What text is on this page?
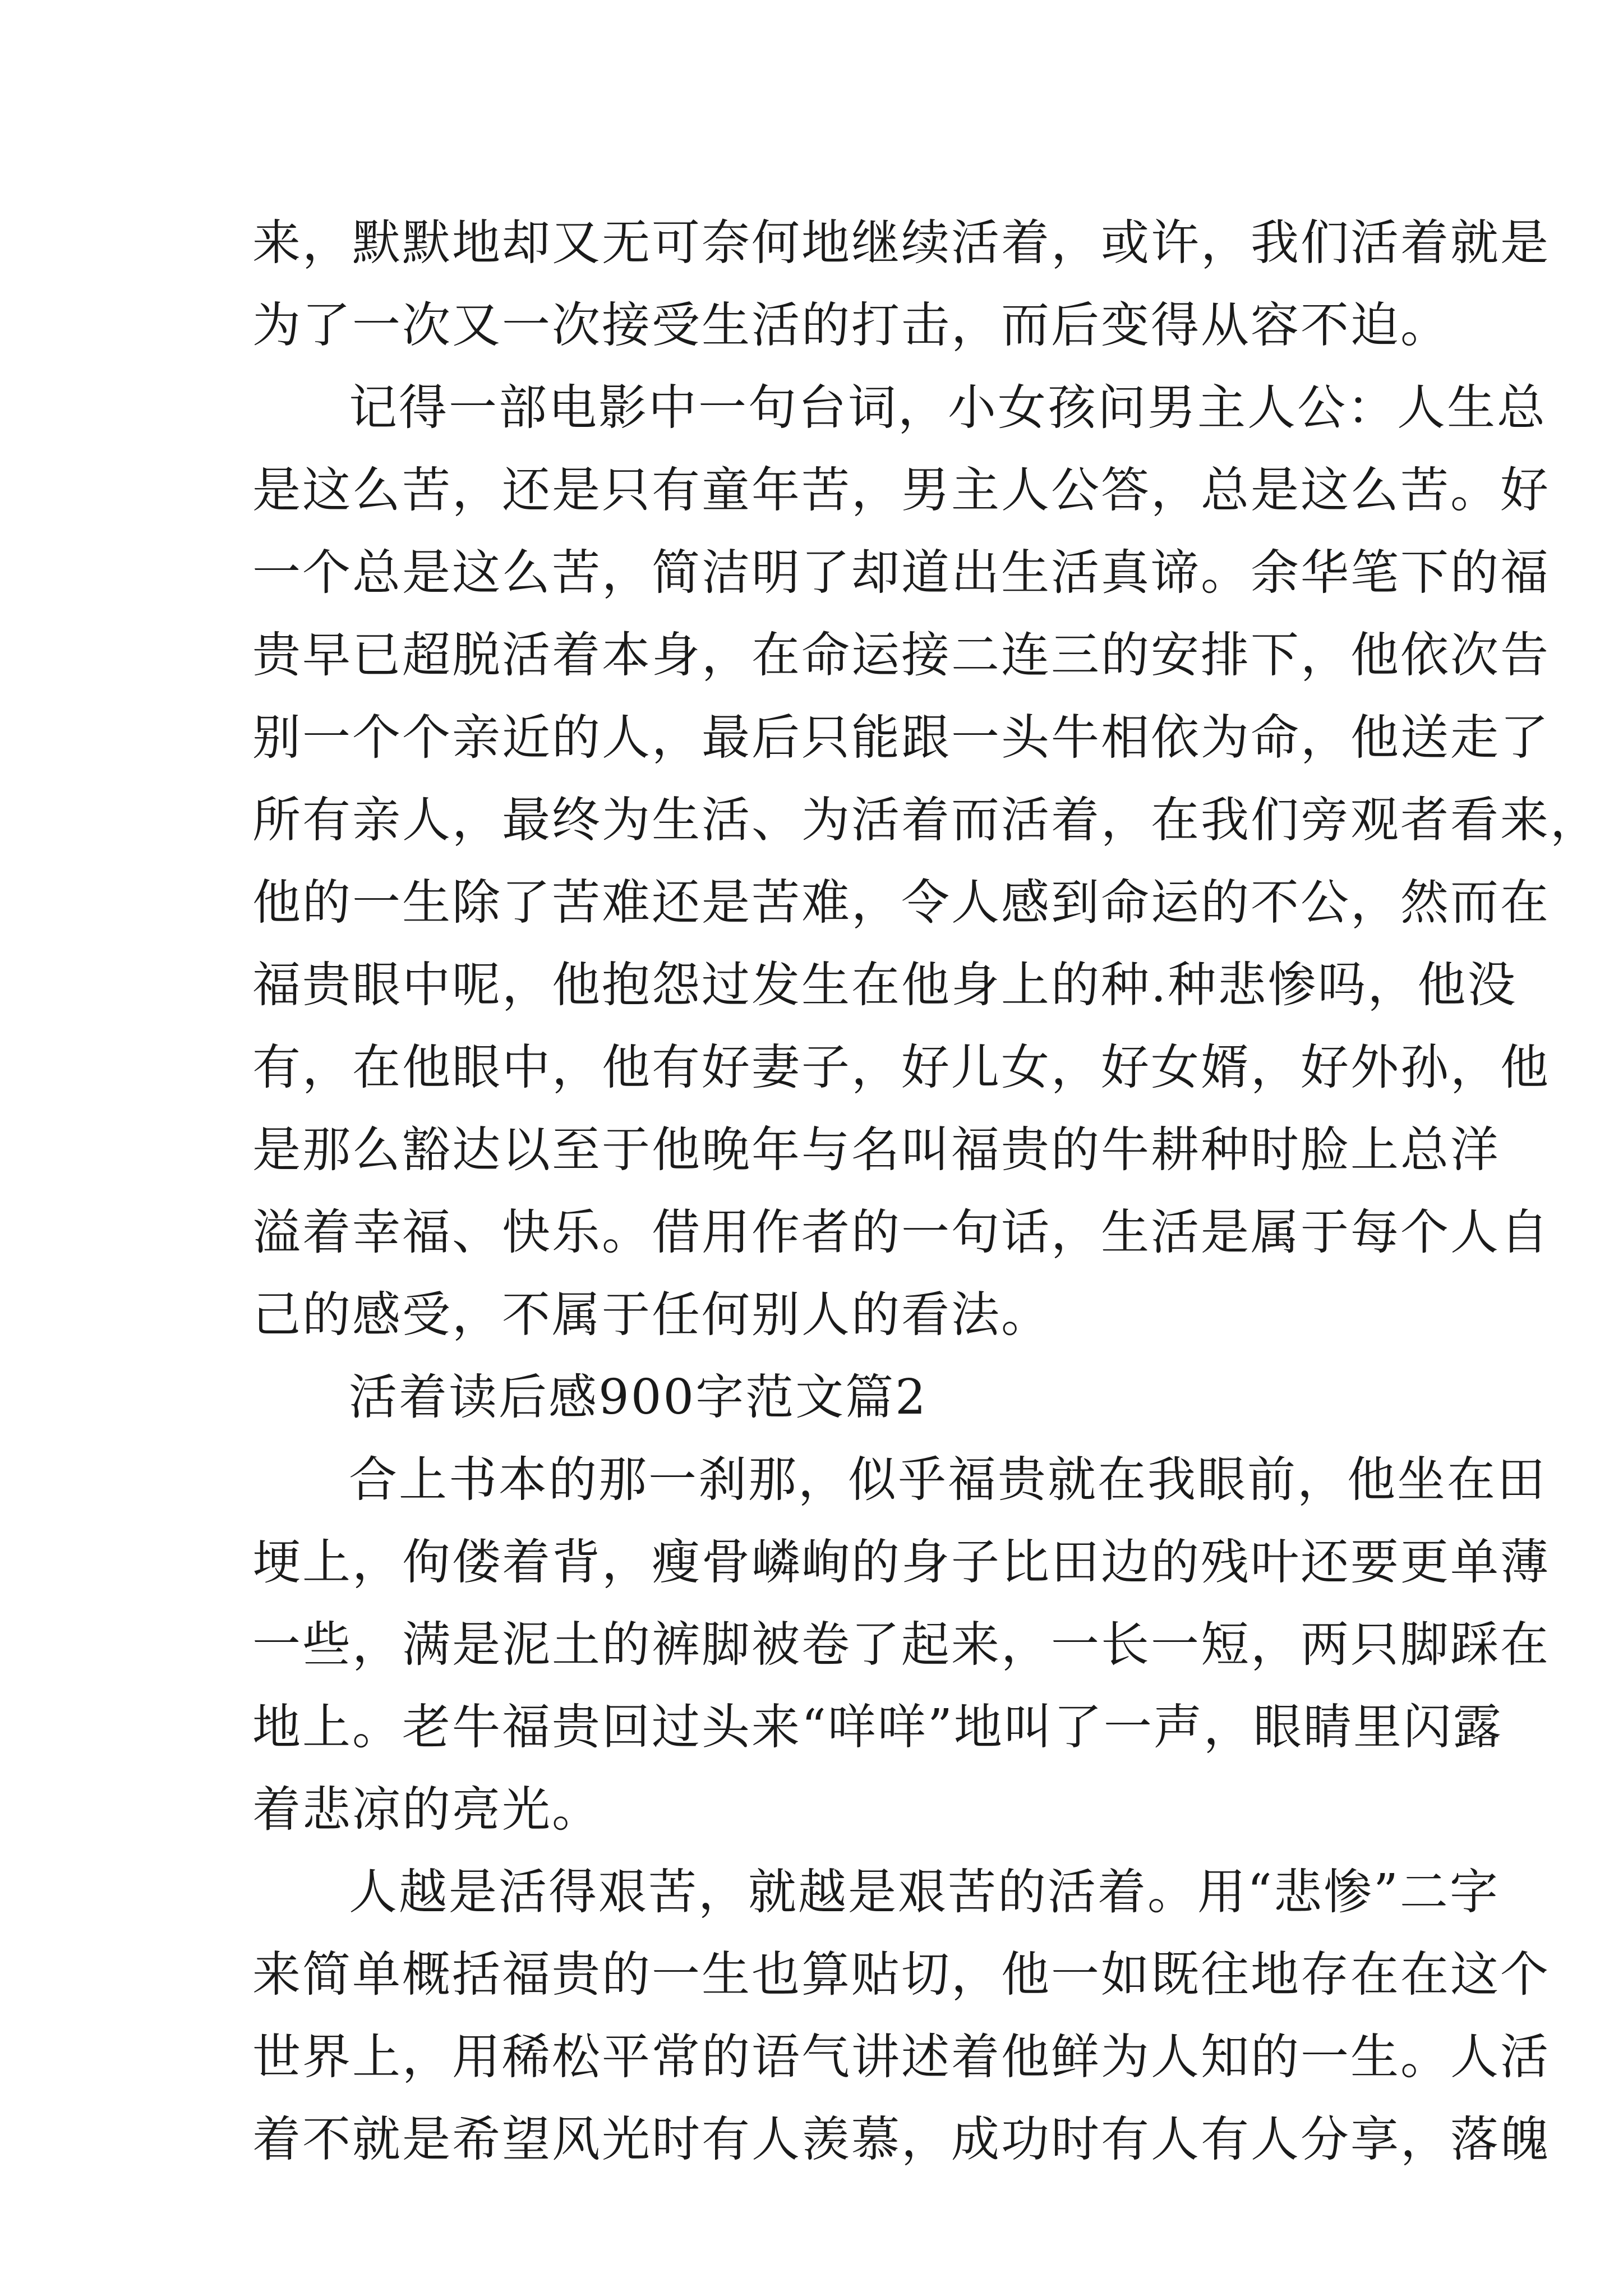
来，默默地却又无可奈何地继续活着，或许，我们活着就是
为了一次又一次接受生活的打击，而后变得从容不迫。
记得一部电影中一句台词，小女孩问男主人公：人生总
是这么苦，还是只有童年苦，男主人公答，总是这么苦。好
一个总是这么苦，简洁明了却道出生活真谛。余华笔下的福
贵早已超脱活着本身，在命运接二连三的安排下，他依次告
别一个个亲近的人，最后只能跟一头牛相依为命，他送走了
所有亲人，最终为生活、为活着而活着，在我们旁观者看来，
他的一生除了苦难还是苦难，令人感到命运的不公，然而在
福贵眼中呢，他抱怨过发生在他身上的种.种悲惨吗，他没
有，在他眼中，他有好妻子，好儿女，好女婿，好外孙，他
是那么豁达以至于他晚年与名叫福贵的牛耕种时脸上总洋
溢着幸福、快乐。借用作者的一句话，生活是属于每个人自
己的感受，不属于任何别人的看法。
活着读后感900字范文篇2
合上书本的那一刹那，似乎福贵就在我眼前，他坐在田
埂上，佝偻着背，瘦骨嶙峋的身子比田边的残叶还要更单薄
一些，满是泥土的裤脚被卷了起来，一长一短，两只脚踩在
地上。老牛福贵回过头来“咩咩”地叫了一声，眼睛里闪露
着悲凉的亮光。
人越是活得艰苦，就越是艰苦的活着。用“悲惨”二字
来简单概括福贵的一生也算贴切，他一如既往地存在在这个
世界上，用稀松平常的语气讲述着他鲜为人知的一生。人活
着不就是希望风光时有人羡慕，成功时有人有人分享，落魄
